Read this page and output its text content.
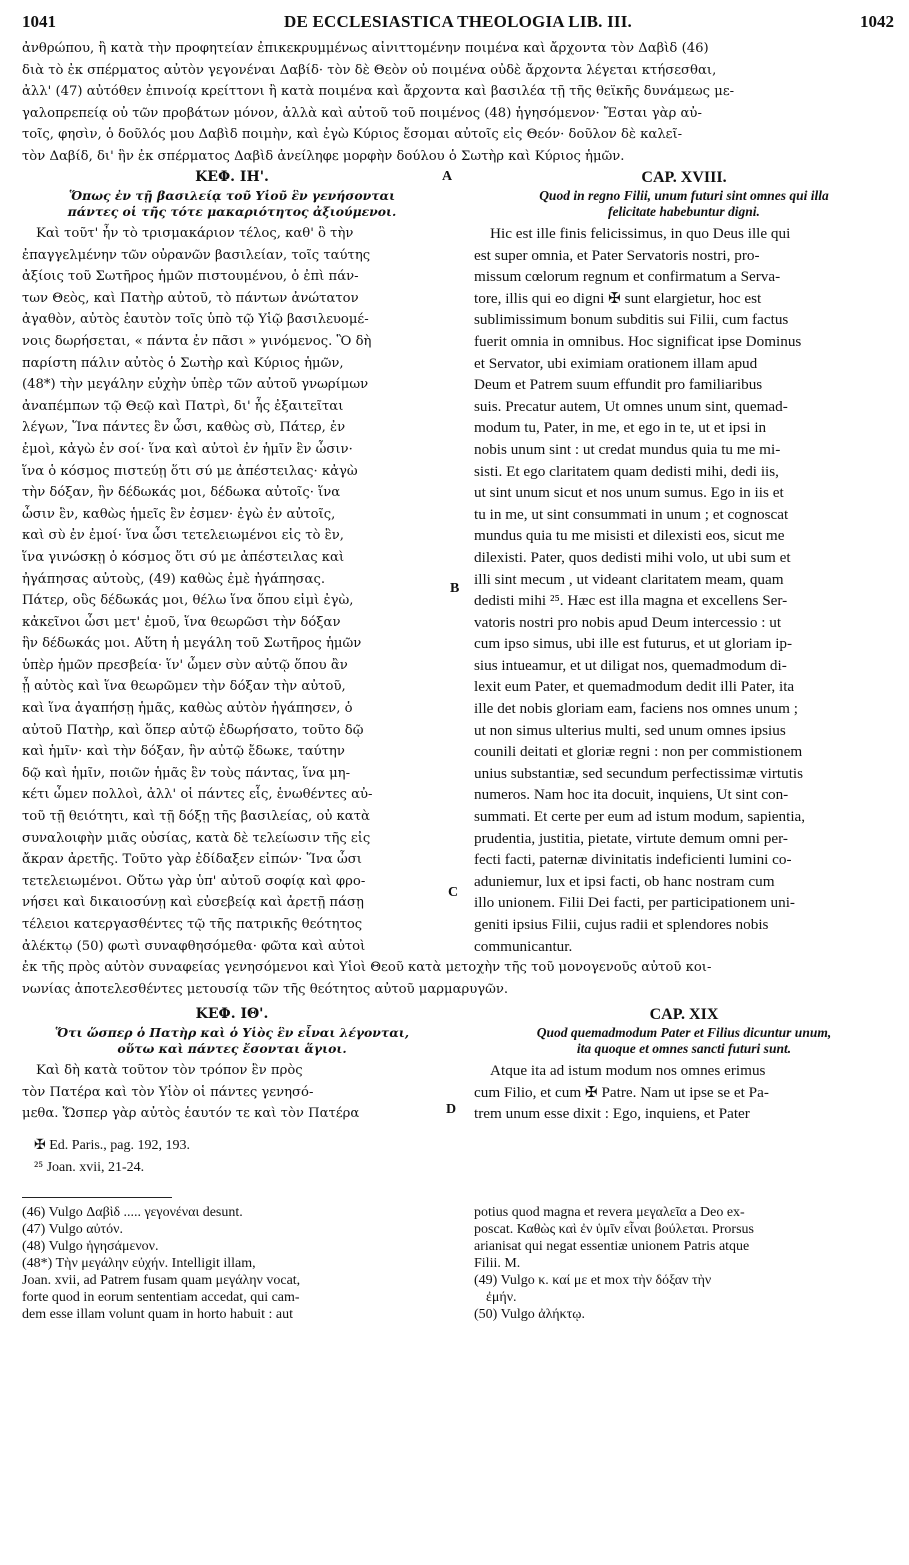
1041	DE ECCLESIASTICA THEOLOGIA LIB. III.	1042
ἀνθρώπου, ἢ κατὰ τὴν προφητείαν ἐπικεκρυμμένως αἰνιττομένην ποιμένα καὶ ἄρχοντα τὸν Δαβὶδ (46)
διὰ τὸ ἐκ σπέρματος αὐτὸν γεγονέναι Δαβίδ· τὸν δὲ Θεὸν οὐ ποιμένα οὐδὲ ἄρχοντα λέγεται κτήσεσθαι,
ἀλλ' (47) αὐτόθεν ἐπινοίᾳ κρείττονι ἢ κατὰ ποιμένα καὶ ἄρχοντα καὶ βασιλέα τῇ τῆς θεϊκῆς δυνάμεως με-
γαλοπρεπείᾳ οὐ τῶν προβάτων μόνον, ἀλλὰ καὶ αὐτοῦ τοῦ ποιμένος (48) ἡγησόμενον· Ἔσται γὰρ αὐ-
τοῖς, φησὶν, ὁ δοῦλός μου Δαβὶδ ποιμὴν, καὶ ἐγὼ Κύριος ἔσομαι αὐτοῖς εἰς Θεόν· δοῦλον δὲ καλεῖ-
τὸν Δαβίδ, δι' ἣν ἐκ σπέρματος Δαβὶδ ἀνείληφε μορφὴν δούλου ὁ Σωτὴρ καὶ Κύριος ἡμῶν.
A
B
C
ΚΕΦ. ΙΗ'.
Ὅπως ἐν τῇ βασιλείᾳ τοῦ Υἱοῦ ἓν γενήσονται
πάντες οἱ τῆς τότε μακαριότητος ἀξιούμενοι.
Καὶ τοῦτ' ἦν τὸ τρισμακάριον τέλος, καθ' ὃ τὴν
ἐπαγγελμένην τῶν οὐρανῶν βασιλείαν, τοῖς ταύτης
ἀξίοις τοῦ Σωτῆρος ἡμῶν πιστουμένου, ὁ ἐπὶ πάν-
των Θεὸς, καὶ Πατὴρ αὐτοῦ, τὸ πάντων ἀνώτατον
ἀγαθὸν, αὐτὸς ἑαυτὸν τοῖς ὑπὸ τῷ Υἱῷ βασιλευομέ-
νοις δωρήσεται, « πάντα ἐν πᾶσι » γινόμενος. Ὃ δὴ
παρίστη πάλιν αὐτὸς ὁ Σωτὴρ καὶ Κύριος ἡμῶν,
(48*) τὴν μεγάλην εὐχὴν ὑπὲρ τῶν αὐτοῦ γνωρίμων
ἀναπέμπων τῷ Θεῷ καὶ Πατρὶ, δι' ἧς ἐξαιτεῖται
λέγων, Ἵνα πάντες ἓν ὦσι, καθὼς σὺ, Πάτερ, ἐν
ἐμοὶ, κἀγὼ ἐν σοί· ἵνα καὶ αὐτοὶ ἐν ἡμῖν ἓν ὦσιν·
ἵνα ὁ κόσμος πιστεύῃ ὅτι σύ με ἀπέστειλας· κἀγὼ
τὴν δόξαν, ἣν δέδωκάς μοι, δέδωκα αὐτοῖς· ἵνα
ὦσιν ἓν, καθὼς ἡμεῖς ἓν ἐσμεν· ἐγὼ ἐν αὐτοῖς,
καὶ σὺ ἐν ἐμοί· ἵνα ὦσι τετελειωμένοι εἰς τὸ ἓν,
ἵνα γινώσκῃ ὁ κόσμος ὅτι σύ με ἀπέστειλας καὶ
ἠγάπησας αὐτοὺς, (49) καθὼς ἐμὲ ἠγάπησας.
Πάτερ, οὓς δέδωκάς μοι, θέλω ἵνα ὅπου εἰμὶ ἐγὼ,
κἀκεῖνοι ὦσι μετ' ἐμοῦ, ἵνα θεωρῶσι τὴν δόξαν
ἣν δέδωκάς μοι. Αὕτη ἡ μεγάλη τοῦ Σωτῆρος ἡμῶν
ὑπὲρ ἡμῶν πρεσβεία· ἵν' ὦμεν σὺν αὐτῷ ὅπου ἂν
ᾖ αὐτὸς καὶ ἵνα θεωρῶμεν τὴν δόξαν τὴν αὐτοῦ,
καὶ ἵνα ἀγαπήσῃ ἡμᾶς, καθὼς αὐτὸν ἠγάπησεν, ὁ
αὐτοῦ Πατὴρ, καὶ ὅπερ αὐτῷ ἐδωρήσατο, τοῦτο δῷ
καὶ ἡμῖν· καὶ τὴν δόξαν, ἣν αὐτῷ ἔδωκε, ταύτην
δῷ καὶ ἡμῖν, ποιῶν ἡμᾶς ἓν τοὺς πάντας, ἵνα μη-
κέτι ὦμεν πολλοὶ, ἀλλ' οἱ πάντες εἷς, ἑνωθέντες αὐ-
τοῦ τῇ θειότητι, καὶ τῇ δόξῃ τῆς βασιλείας, οὐ κατὰ
συναλοιφὴν μιᾶς οὐσίας, κατὰ δὲ τελείωσιν τῆς εἰς
ἄκραν ἀρετῆς. Τοῦτο γὰρ ἐδίδαξεν εἰπών· Ἵνα ὦσι
τετελειωμένοι. Οὕτω γὰρ ὑπ' αὐτοῦ σοφίᾳ καὶ φρο-
νήσει καὶ δικαιοσύνῃ καὶ εὐσεβείᾳ καὶ ἀρετῇ πάσῃ
τέλειοι κατεργασθέντες τῷ τῆς πατρικῆς θεότητος
ἀλέκτῳ (50) φωτὶ συναφθησόμεθα· φῶτα καὶ αὐτοὶ
CAP. XVIII.
Quod in regno Filii, unum futuri sint omnes qui illa
felicitate habebuntur digni.
Hic est ille finis felicissimus, in quo Deus ille qui
est super omnia, et Pater Servatoris nostri, pro-
missum cœlorum regnum et confirmatum a Serva-
tore, illis qui eo digni ✠ sunt elargietur, hoc est
sublimissimum bonum subditis sui Filii, cum factus
fuerit omnia in omnibus. Hoc significat ipse Dominus
et Servator, ubi eximiam orationem illam apud
Deum et Patrem suum effundit pro familiaribus
suis. Precatur autem, Ut omnes unum sint, quemad-
modum tu, Pater, in me, et ego in te, ut et ipsi in
nobis unum sint : ut credat mundus quia tu me mi-
sisti. Et ego claritatem quam dedisti mihi, dedi iis,
ut sint unum sicut et nos unum sumus. Ego in iis et
tu in me, ut sint consummati in unum ; et cognoscat
mundus quia tu me misisti et dilexisti eos, sicut me
dilexisti. Pater, quos dedisti mihi volo, ut ubi sum et
illi sint mecum , ut videant claritatem meam, quam
dedisti mihi ²⁵. Hæc est illa magna et excellens Ser-
vatoris nostri pro nobis apud Deum intercessio : ut
cum ipso simus, ubi ille est futurus, et ut gloriam ip-
sius intueamur, et ut diligat nos, quemadmodum di-
lexit eum Pater, et quemadmodum dedit illi Pater, ita
ille det nobis gloriam eam, faciens nos omnes unum ;
ut non simus ulterius multi, sed unum omnes ipsius
counili deitati et gloriæ regni : non per commistionem
unius substantiæ, sed secundum perfectissimæ virtutis
numeros. Nam hoc ita docuit, inquiens, Ut sint con-
summati. Et certe per eum ad istum modum, sapientia,
prudentia, justitia, pietate, virtute demum omni per-
fecti facti, paternæ divinitatis indeficienti lumini co-
aduniemur, lux et ipsi facti, ob hanc nostram cum
illo unionem. Filii Dei facti, per participationem uni-
geniti ipsius Filii, cujus radii et splendores nobis
communicantur.
ἐκ τῆς πρὸς αὐτὸν συναφείας γενησόμενοι καὶ Υἱοὶ Θεοῦ κατὰ μετοχὴν τῆς τοῦ μονογενοῦς αὐτοῦ κοι-
νωνίας ἀποτελεσθέντες μετουσίᾳ τῶν τῆς θεότητος αὐτοῦ μαρμαρυγῶν.
D
ΚΕΦ. ΙΘ'.
Ὅτι ὥσπερ ὁ Πατὴρ καὶ ὁ Υἱὸς ἓν εἶναι λέγονται,
οὕτω καὶ πάντες ἔσονται ἅγιοι.
Καὶ δὴ κατὰ τοῦτον τὸν τρόπον ἓν πρὸς
τὸν Πατέρα καὶ τὸν Υἱὸν οἱ πάντες γενησό-
μεθα. Ὥσπερ γὰρ αὐτὸς ἑαυτόν τε καὶ τὸν Πατέρα
✠ Ed. Paris., pag. 192, 193.
²⁵ Joan. xvii, 21-24.
CAP. XIX
Quod quemadmodum Pater et Filius dicuntur unum,
ita quoque et omnes sancti futuri sunt.
Atque ita ad istum modum nos omnes erimus
cum Filio, et cum ✠ Patre. Nam ut ipse se et Pa-
trem unum esse dixit : Ego, inquiens, et Pater
(46) Vulgo Δαβὶδ ..... γεγονέναι desunt.
(47) Vulgo αὐτόν.
(48) Vulgo ἡγησάμενον.
(48*) Τὴν μεγάλην εὐχήν. Intelligit illam,
Joan. xvii, ad Patrem fusam quam μεγάλην vocat,
forte quod in eorum sententiam accedat, qui cam-
dem esse illam volunt quam in horto habuit : aut
potius quod magna et revera μεγαλεῖα a Deo ex-
poscat. Καθὼς καὶ ἐν ὑμῖν εἶναι βούλεται. Prorsus
arianisat qui negat essentiæ unionem Patris atque
Filii. M.
(49) Vulgo κ. καί με et mox τὴν δόξαν τὴν
ἐμήν.
(50) Vulgo ἀλήκτῳ.
